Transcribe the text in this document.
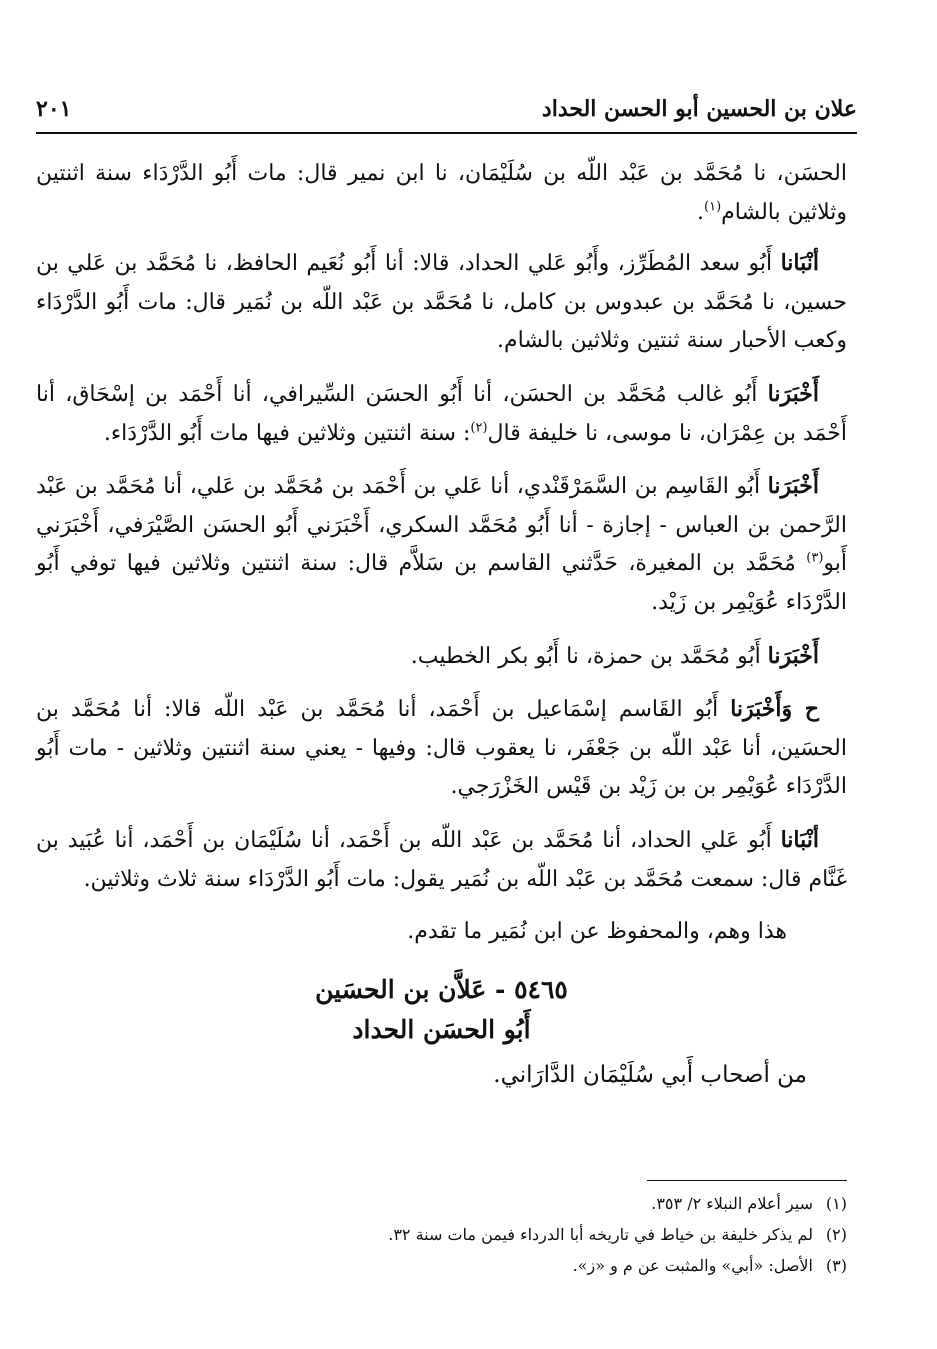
علان بن الحسين أبو الحسن الحداد
٢٠١

الحسَن، نا مُحَمَّد بن عَبْد اللّه بن سُلَيْمَان، نا ابن نمير قال: مات أَبُو الدَّرْدَاء سنة اثنتين وثلاثين بالشام$^{(١)}$.

أنْبَانا أَبُو سعد المُطَرِّز، وأَبُو عَلي الحداد، قالا: أنا أَبُو نُعَيم الحافظ، نا مُحَمَّد بن عَلي بن حسين، نا مُحَمَّد بن عبدوس بن كامل، نا مُحَمَّد بن عَبْد اللّه بن نُمَير قال: مات أَبُو الدَّرْدَاء وكعب الأحبار سنة ثنتين وثلاثين بالشام.

أَخْبَرَنا أَبُو غالب مُحَمَّد بن الحسَن، أنا أَبُو الحسَن السِّيرافي، أنا أَحْمَد بن إسْحَاق، أنا أَحْمَد بن عِمْرَان، نا موسى، نا خليفة قال$^{(٢)}$: سنة اثنتين وثلاثين فيها مات أَبُو الدَّرْدَاء.

أَخْبَرَنا أَبُو القَاسِم بن السَّمَرْقَنْدي، أنا عَلي بن أَحْمَد بن مُحَمَّد بن عَلي، أنا مُحَمَّد بن عَبْد الرَّحمن بن العباس - إجازة - أنا أَبُو مُحَمَّد السكري، أَخْبَرَني أَبُو الحسَن الصَّيْرَفي، أَخْبَرَني أَبو$^{(٣)}$ مُحَمَّد بن المغيرة، حَدَّثني القاسم بن سَلاَّم قال: سنة اثنتين وثلاثين فيها توفي أَبُو الدَّرْدَاء عُوَيْمِر بن زَيْد.

أَخْبَرَنا أَبُو مُحَمَّد بن حمزة، نا أَبُو بكر الخطيب.

ح وَأَخْبَرَنا أَبُو القَاسم إسْمَاعيل بن أَحْمَد، أنا مُحَمَّد بن عَبْد اللّه قالا: أنا مُحَمَّد بن الحسَين، أنا عَبْد اللّه بن جَعْفَر، نا يعقوب قال: وفيها - يعني سنة اثنتين وثلاثين - مات أَبُو الدَّرْدَاء عُوَيْمِر بن بن زَيْد بن قَيْس الخَزْرَجي.

أنْبَانا أَبُو عَلي الحداد، أنا مُحَمَّد بن عَبْد اللّه بن أَحْمَد، أنا سُلَيْمَان بن أَحْمَد، أنا عُبَيد بن غَنَّام قال: سمعت مُحَمَّد بن عَبْد اللّه بن نُمَير يقول: مات أَبُو الدَّرْدَاء سنة ثلاث وثلاثين.

هذا وهم، والمحفوظ عن ابن نُمَير ما تقدم.

٥٤٦٥ - عَلاَّن بن الحسَين

أَبُو الحسَن الحداد

من أصحاب أَبي سُلَيْمَان الدَّارَاني.

(١)سير أعلام النبلاء ٢/ ٣٥٣.
(٢)لم يذكر خليفة بن خياط في تاريخه أبا الدرداء فيمن مات سنة ٣٢.
(٣)الأصل: «أبي» والمثبت عن م و «ز».
